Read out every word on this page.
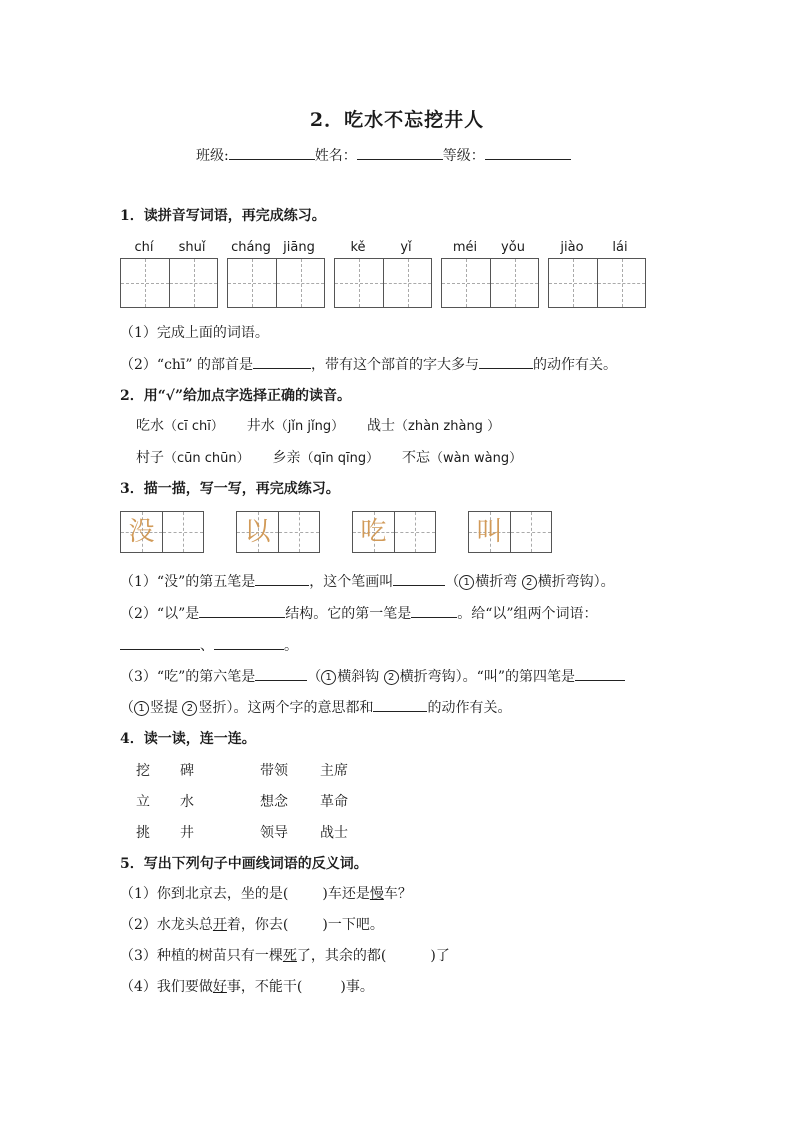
2．吃水不忘挖井人
班级:	姓名：	等级：
1．读拼音写词语，再完成练习。
chí	shuǐ	cháng jiāng	kě	yǐ	méi	yǒu	jiào	lái
（1）完成上面的词语。
（2）“chī” 的部首是	，带有这个部首的字大多与	的动作有关。
2．用“√”给加点字选择正确的读音。
吃水（cī chī） 井水（jǐn jǐng） 战士（zhàn zhàng ）
村子（cūn chūn） 乡亲（qīn qīng） 不忘（wàn wàng）
3．描一描，写一写，再完成练习。
没	以	吃	叫
（1）“没”的第五笔是	，这个笔画叫	（ 1 横折弯 2 横折弯钩）。
（2）“以”是	结构。它的第一笔是	。给“以”组两个词语：
、	。
（3）“吃”的第六笔是	（ 1 横斜钩 2 横折弯钩）。“叫”的第四笔是
（ 1 竖提 2 竖折）。这两个字的意思都和	的动作有关。
4．读一读，连一连。
挖 碑	带领 主席
立 水	想念 革命
挑 井	领导 战士
5．写出下列句子中画线词语的反义词。
（1）你到北京去，坐的是( )车还是慢车？
（2）水龙头总开着，你去( )一下吧。
（3）种植的树苗只有一棵死了，其余的都(	)了
（4）我们要做好事，不能干(	)事。
